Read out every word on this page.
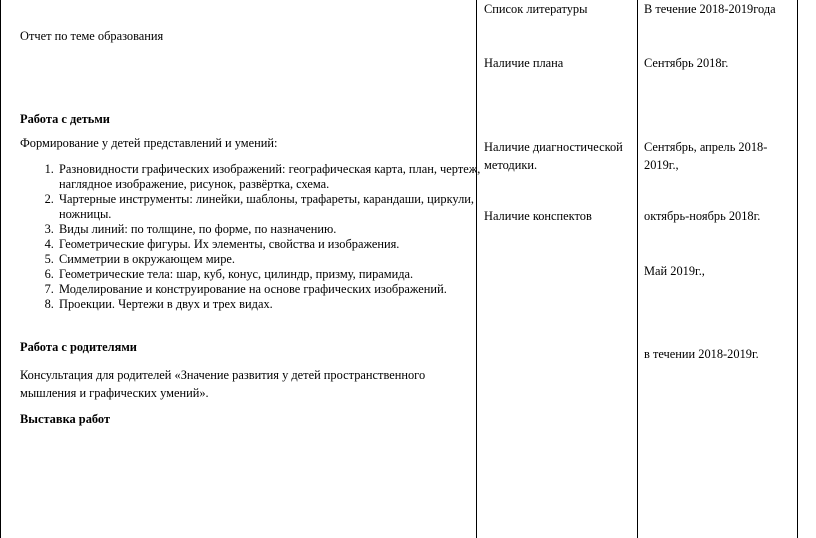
Отчет по теме образования
Работа с детьми
Формирование у детей представлений и умений:
1. Разновидности графических изображений: географическая карта, план, чертеж, наглядное изображение, рисунок, развёртка, схема.
2. Чартерные инструменты: линейки, шаблоны, трафареты, карандаши, циркули, ножницы.
3. Виды линий: по толщине, по форме, по назначению.
4. Геометрические фигуры. Их элементы, свойства и изображения.
5. Симметрии в окружающем мире.
6. Геометрические тела: шар, куб, конус, цилиндр, призму, пирамида.
7. Моделирование и конструирование на основе графических изображений.
8. Проекции. Чертежи в двух и трех видах.
Работа с родителями
Консультация для родителей «Значение развития у детей пространственного мышления и графических умений».
Выставка работ
Список литературы
Наличие плана
Наличие диагностической методики.
Наличие конспектов
В течение 2018-2019года
Сентябрь 2018г.
Сентябрь, апрель 2018-2019г.,
октябрь-ноябрь 2018г.
Май 2019г.,
в течении 2018-2019г.
